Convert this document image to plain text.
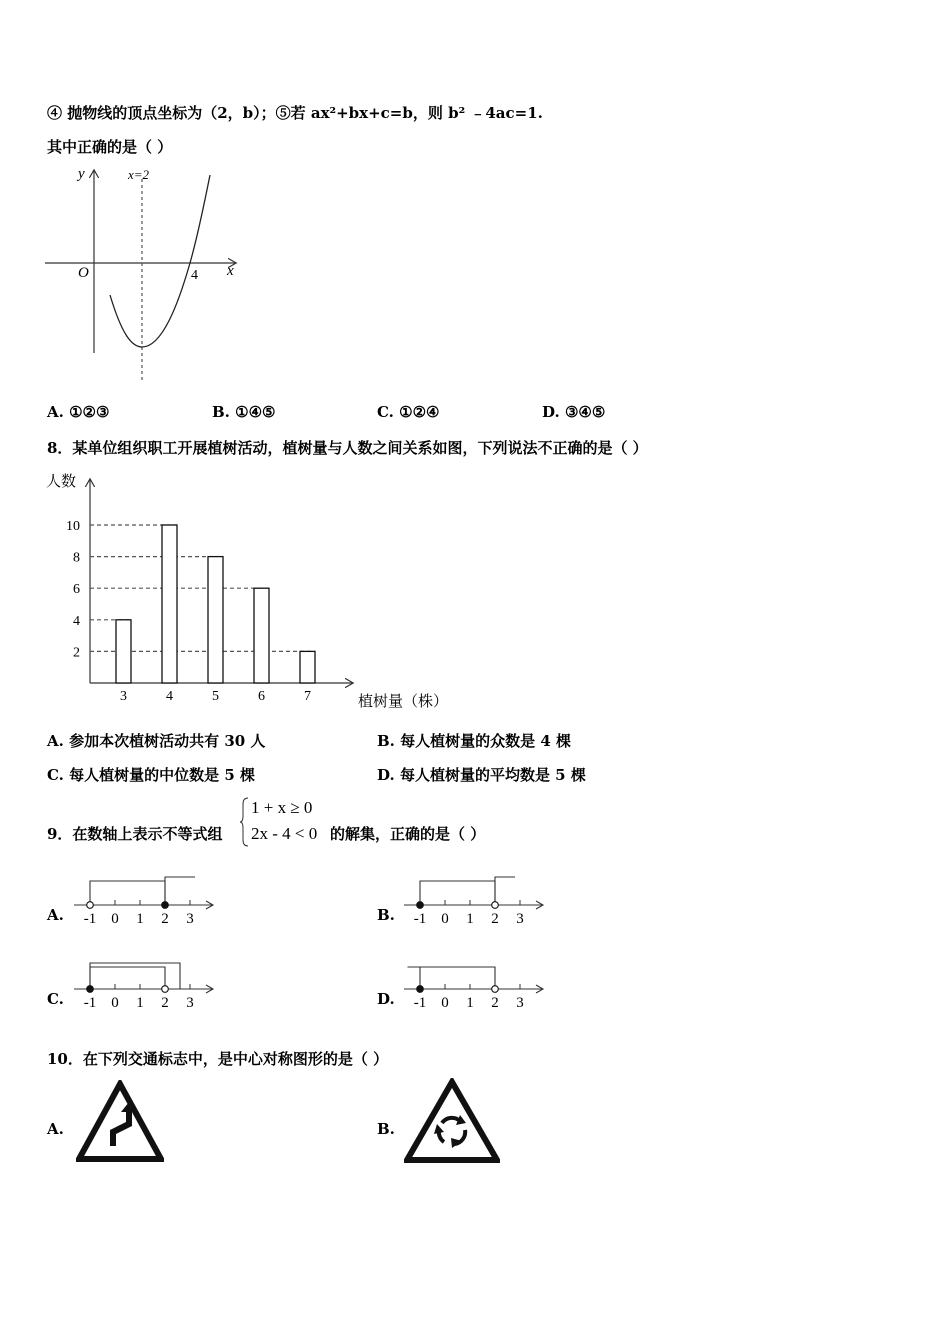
④ 抛物线的顶点坐标为（2，b）；⑤若 ax²+bx+c=b，则 b² ﹣4ac=1.
其中正确的是（ ）
y
x
O
x=2
4
A. ①②③	B. ①④⑤	C. ①②④	D. ③④⑤
8．某单位组织职工开展植树活动，植树量与人数之间关系如图，下列说法不正确的是（ ）
人数
植树量（株）
2
4
6
8
10
3	4	5	6	7
A. 参加本次植树活动共有 30 人	B. 每人植树量的众数是 4 棵
C. 每人植树量的中位数是 5 棵	D. 每人植树量的平均数是 5 棵
9．在数轴上表示不等式组
1 + x ≥ 0
2x - 4 < 0 的解集，正确的是（ ）
A. -1 0 1 2 3	B. -1 0 1 2 3
C. -1 0 1 2 3	D. -1 0 1 2 3
10．在下列交通标志中，是中心对称图形的是（ ）
A.	B.
